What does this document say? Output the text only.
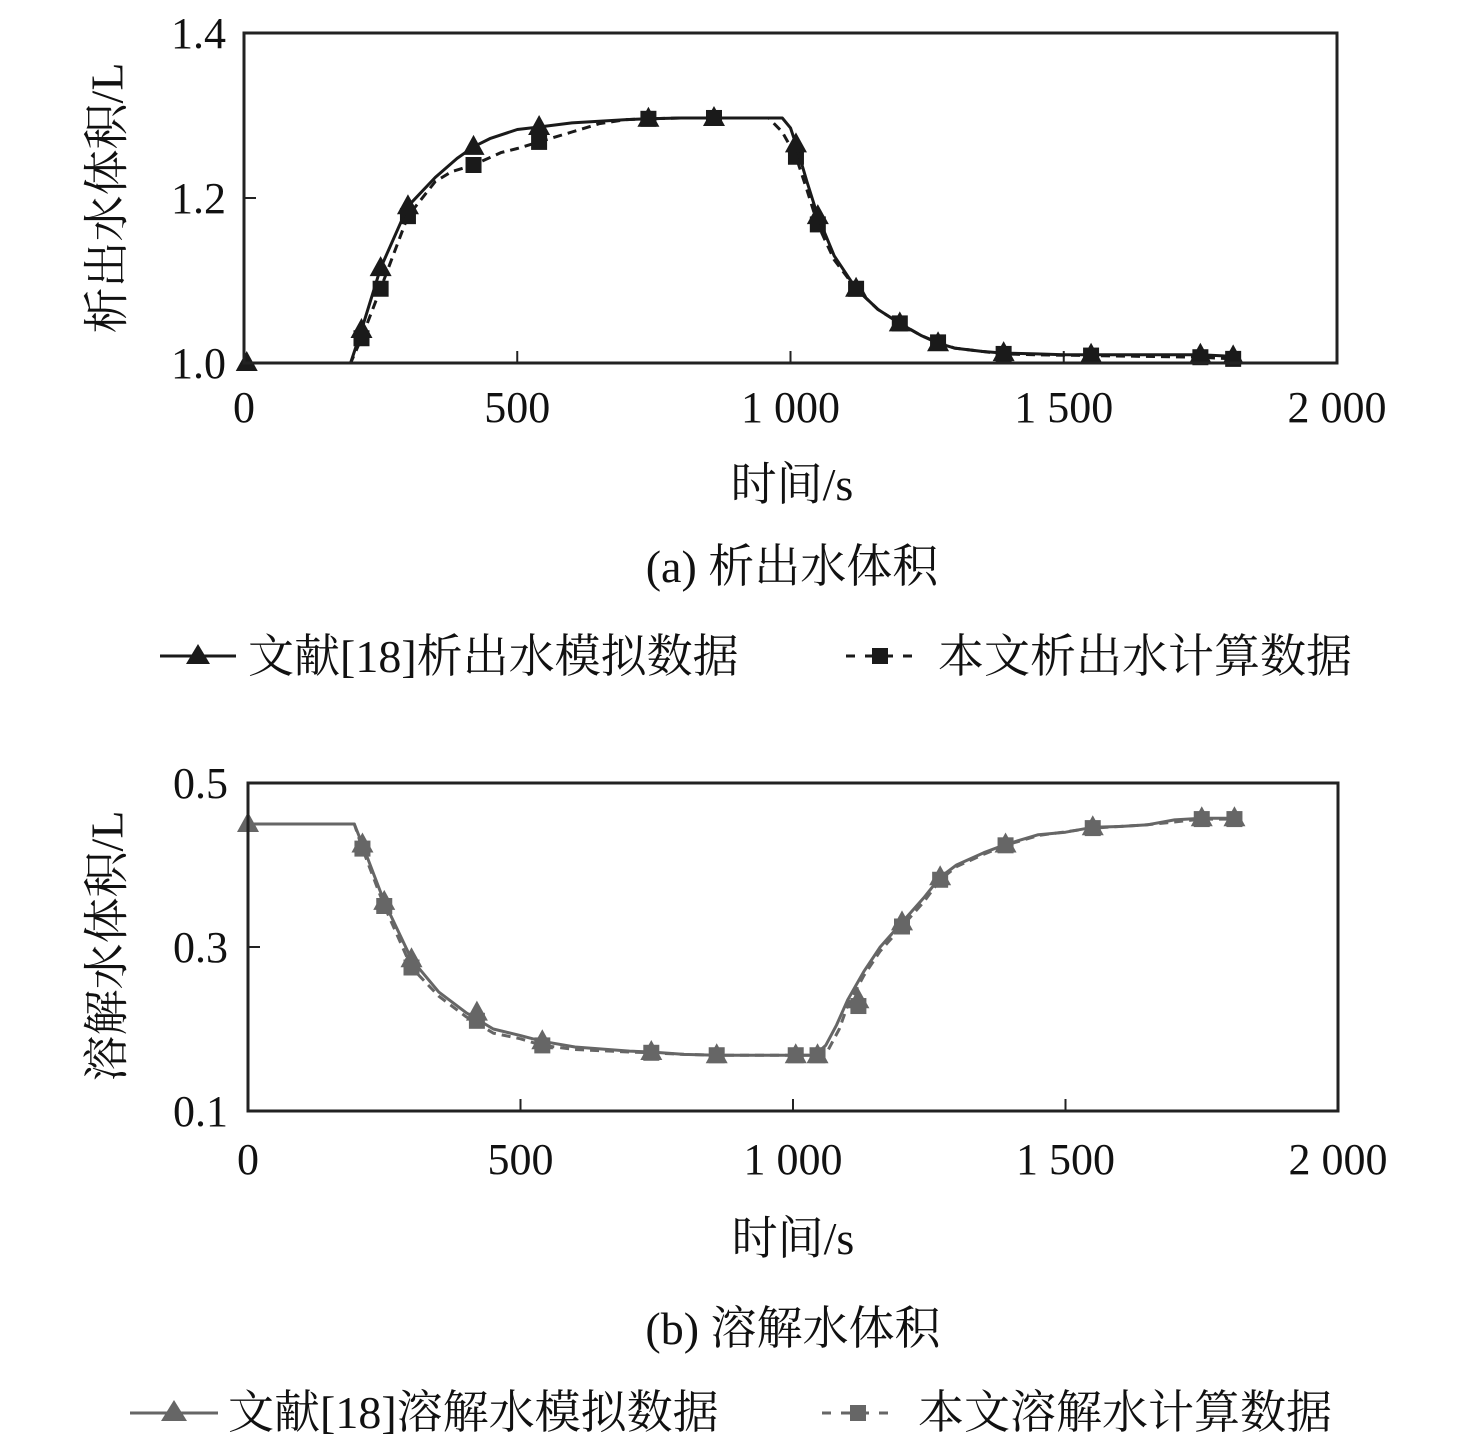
0	500	1 000	1 500	2 000
1.0
1.2
1.4
析出水体积/L
时间/s
(a) 析出水体积
文献[18]析出水模拟数据	本文析出水计算数据
0	500	1 000	1 500	2 000
0.1
0.3
0.5
溶解水体积/L
时间/s
(b) 溶解水体积
文献[18]溶解水模拟数据	本文溶解水计算数据
